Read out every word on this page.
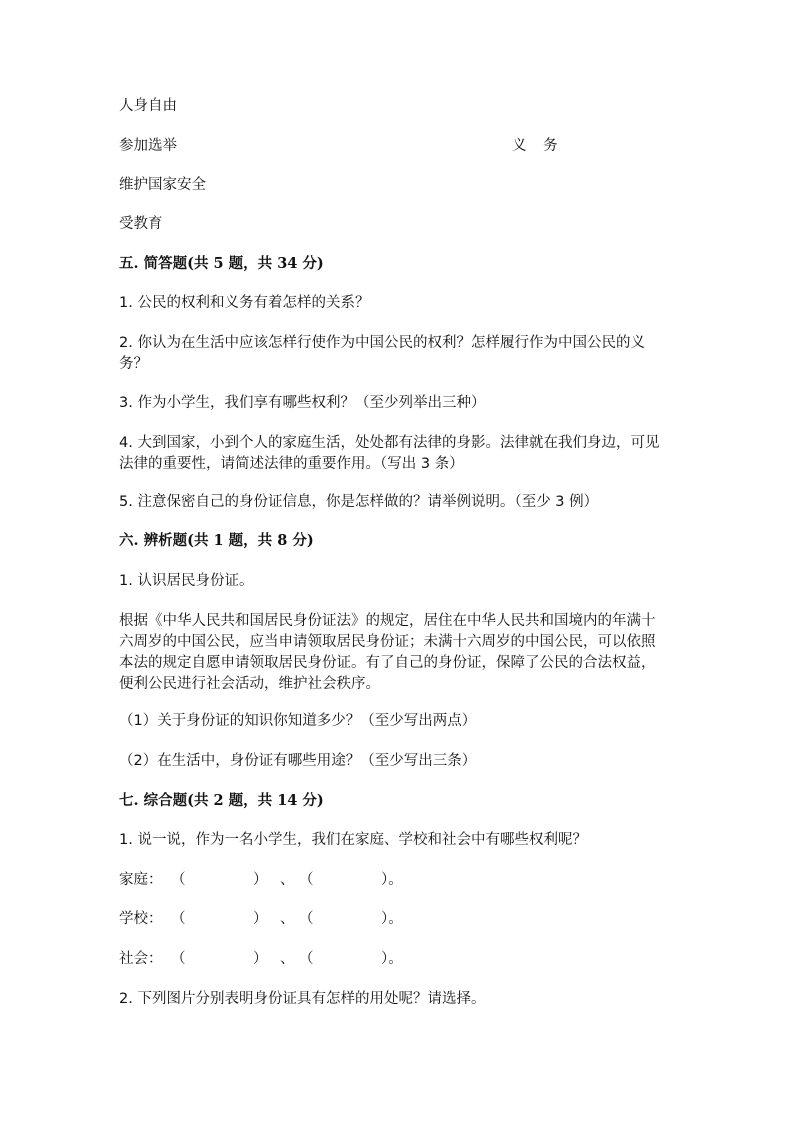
人身自由
参加选举	义 务
维护国家安全
受教育
五. 简答题(共 5 题，共 34 分)
1. 公民的权利和义务有着怎样的关系？
2. 你认为在生活中应该怎样行使作为中国公民的权利？怎样履行作为中国公民的义务？
3. 作为小学生，我们享有哪些权利？（至少列举出三种）
4. 大到国家，小到个人的家庭生活，处处都有法律的身影。法律就在我们身边，可见法律的重要性，请简述法律的重要作用。（写出 3 条）
5. 注意保密自己的身份证信息，你是怎样做的？请举例说明。（至少 3 例）
六. 辨析题(共 1 题，共 8 分)
1. 认识居民身份证。
根据《中华人民共和国居民身份证法》的规定，居住在中华人民共和国境内的年满十六周岁的中国公民，应当申请领取居民身份证；未满十六周岁的中国公民，可以依照本法的规定自愿申请领取居民身份证。有了自己的身份证，保障了公民的合法权益，便利公民进行社会活动，维护社会秩序。
（1）关于身份证的知识你知道多少？（至少写出两点）
（2）在生活中，身份证有哪些用途？（至少写出三条）
七. 综合题(共 2 题，共 14 分)
1. 说一说，作为一名小学生，我们在家庭、学校和社会中有哪些权利呢？
家庭： （	） 、 （	）。
学校： （	） 、 （	）。
社会： （	） 、 （	）。
2. 下列图片分别表明身份证具有怎样的用处呢？请选择。
